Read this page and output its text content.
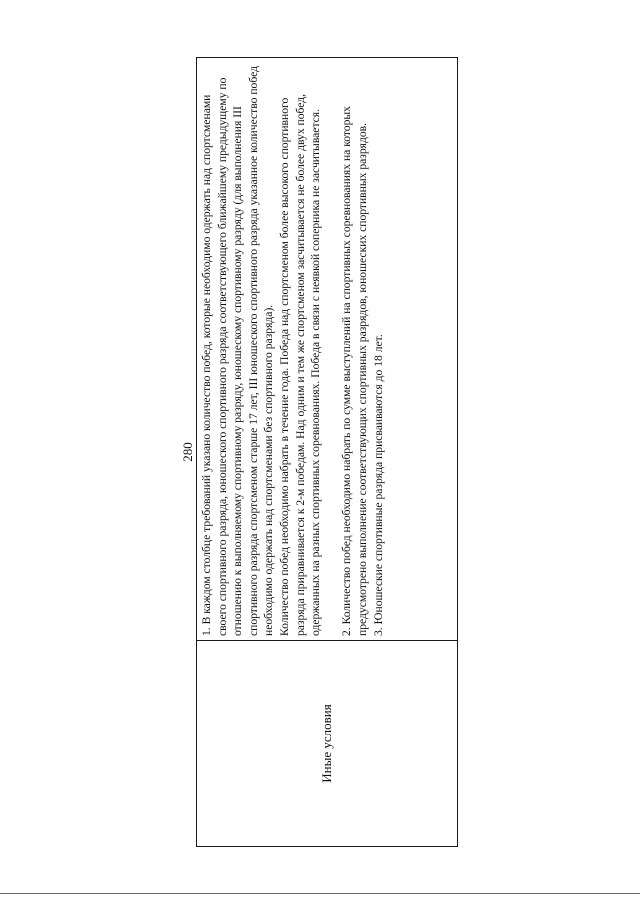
280
Иные условия

1. В каждом столбце требований указано количество побед, которые необходимо одержать над спортсменами своего спортивного разряда, юношеского спортивного разряда соответствующего ближайшему предыдущему по отношению к выполняемому спортивному разряду, юношескому спортивному разряду (для выполнения III спортивного разряда спортсменом старше 17 лет, III юношеского спортивного разряда указанное количество побед необходимо одержать над спортсменами без спортивного разряда). Количество побед необходимо набрать в течение года. Победа над спортсменом более высокого спортивного разряда приравнивается к 2-м победам. Над одним и тем же спортсменом засчитывается не более двух побед, одержанных на разных спортивных соревнованиях. Победа в связи с неявкой соперника не засчитывается. 2. Количество побед необходимо набрать по сумме выступлений на спортивных соревнованиях на которых предусмотрено выполнение соответствующих спортивных разрядов, юношеских спортивных разрядов. 3. Юношеские спортивные разряда присваиваются до 18 лет.
